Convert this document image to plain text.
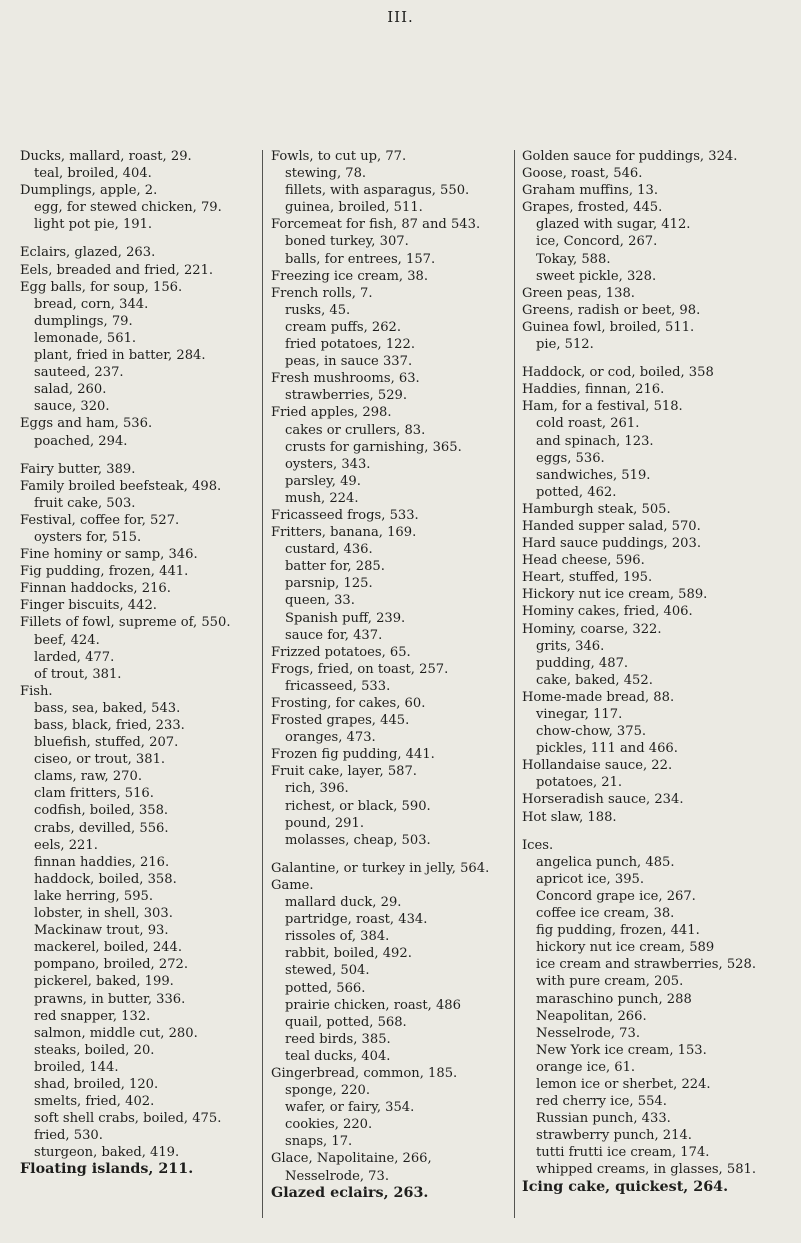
III.

Ducks, mallard, roast, 29.

teal, broiled, 404.

Dumplings, apple, 2.

egg, for stewed chicken, 79.

light pot pie, 191.

Eclairs, glazed, 263.

Eels, breaded and fried, 221.

Egg balls, for soup, 156.

bread, corn, 344.

dumplings, 79.

lemonade, 561.

plant, fried in batter, 284.

sauteed, 237.

salad, 260.

sauce, 320.

Eggs and ham, 536.

poached, 294.

Fairy butter, 389.

Family broiled beefsteak, 498.

fruit cake, 503.

Festival, coffee for, 527.

oysters for, 515.

Fine hominy or samp, 346.

Fig pudding, frozen, 441.

Finnan haddocks, 216.

Finger biscuits, 442.

Fillets of fowl, supreme of, 550.

beef, 424.

larded, 477.

of trout, 381.

Fish.

bass, sea, baked, 543.

bass, black, fried, 233.

bluefish, stuffed, 207.

ciseo, or trout, 381.

clams, raw, 270.

clam fritters, 516.

codfish, boiled, 358.

crabs, devilled, 556.

eels, 221.

finnan haddies, 216.

haddock, boiled, 358.

lake herring, 595.

lobster, in shell, 303.

Mackinaw trout, 93.

mackerel, boiled, 244.

pompano, broiled, 272.

pickerel, baked, 199.

prawns, in butter, 336.

red snapper, 132.

salmon, middle cut, 280.

steaks, boiled, 20.

broiled, 144.

shad, broiled, 120.

smelts, fried, 402.

soft shell crabs, boiled, 475.

fried, 530.

sturgeon, baked, 419.

Floating islands, 211.

Fowls, to cut up, 77.

stewing, 78.

fillets, with asparagus, 550.

guinea, broiled, 511.

Forcemeat for fish, 87 and 543.

boned turkey, 307.

balls, for entrees, 157.

Freezing ice cream, 38.

French rolls, 7.

rusks, 45.

cream puffs, 262.

fried potatoes, 122.

peas, in sauce 337.

Fresh mushrooms, 63.

strawberries, 529.

Fried apples, 298.

cakes or crullers, 83.

crusts for garnishing, 365.

oysters, 343.

parsley, 49.

mush, 224.

Fricasseed frogs, 533.

Fritters, banana, 169.

custard, 436.

batter for, 285.

parsnip, 125.

queen, 33.

Spanish puff, 239.

sauce for, 437.

Frizzed potatoes, 65.

Frogs, fried, on toast, 257.

fricasseed, 533.

Frosting, for cakes, 60.

Frosted grapes, 445.

oranges, 473.

Frozen fig pudding, 441.

Fruit cake, layer, 587.

rich, 396.

richest, or black, 590.

pound, 291.

molasses, cheap, 503.

Galantine, or turkey in jelly, 564.

Game.

mallard duck, 29.

partridge, roast, 434.

rissoles of, 384.

rabbit, boiled, 492.

stewed, 504.

potted, 566.

prairie chicken, roast, 486

quail, potted, 568.

reed birds, 385.

teal ducks, 404.

Gingerbread, common, 185.

sponge, 220.

wafer, or fairy, 354.

cookies, 220.

snaps, 17.

Glace, Napolitaine, 266,

Nesselrode, 73.

Glazed eclairs, 263.

Golden sauce for puddings, 324.

Goose, roast, 546.

Graham muffins, 13.

Grapes, frosted, 445.

glazed with sugar, 412.

ice, Concord, 267.

Tokay, 588.

sweet pickle, 328.

Green peas, 138.

Greens, radish or beet, 98.

Guinea fowl, broiled, 511.

pie, 512.

Haddock, or cod, boiled, 358

Haddies, finnan, 216.

Ham, for a festival, 518.

cold roast, 261.

and spinach, 123.

eggs, 536.

sandwiches, 519.

potted, 462.

Hamburgh steak, 505.

Handed supper salad, 570.

Hard sauce puddings, 203.

Head cheese, 596.

Heart, stuffed, 195.

Hickory nut ice cream, 589.

Hominy cakes, fried, 406.

Hominy, coarse, 322.

grits, 346.

pudding, 487.

cake, baked, 452.

Home-made bread, 88.

vinegar, 117.

chow-chow, 375.

pickles, 111 and 466.

Hollandaise sauce, 22.

potatoes, 21.

Horseradish sauce, 234.

Hot slaw, 188.

Ices.

angelica punch, 485.

apricot ice, 395.

Concord grape ice, 267.

coffee ice cream, 38.

fig pudding, frozen, 441.

hickory nut ice cream, 589

ice cream and strawberries, 528.

with pure cream, 205.

maraschino punch, 288

Neapolitan, 266.

Nesselrode, 73.

New York ice cream, 153.

orange ice, 61.

lemon ice or sherbet, 224.

red cherry ice, 554.

Russian punch, 433.

strawberry punch, 214.

tutti frutti ice cream, 174.

whipped creams, in glasses, 581.

Icing cake, quickest, 264.
